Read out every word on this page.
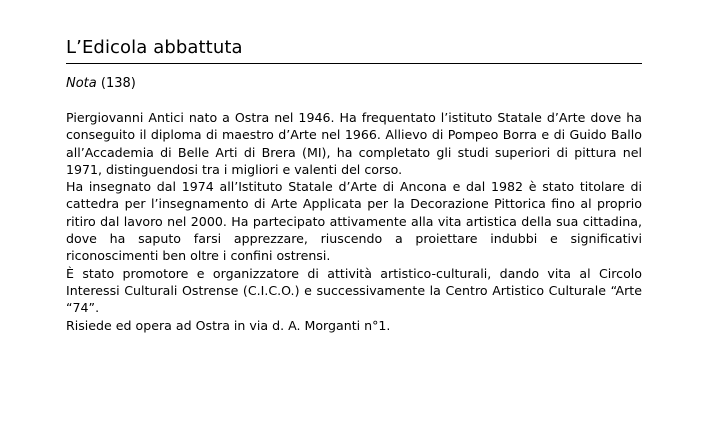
L’Edicola abbattuta
Nota (138)

Piergiovanni Antici nato a Ostra nel 1946. Ha frequentato l’istituto Statale d’Arte dove ha conseguito il diploma di maestro d’Arte nel 1966. Allievo di Pompeo Borra e di Guido Ballo all’Accademia di Belle Arti di Brera (MI), ha completato gli studi superiori di pittura nel 1971, distinguendosi tra i migliori e valenti del corso.

Ha insegnato dal 1974 all’Istituto Statale d’Arte di Ancona e dal 1982 è stato titolare di cattedra per l’insegnamento di Arte Applicata per la Decorazione Pittorica fino al proprio ritiro dal lavoro nel 2000. Ha partecipato attivamente alla vita artistica della sua cittadina, dove ha saputo farsi apprezzare, riuscendo a proiettare indubbi e significativi riconoscimenti ben oltre i confini ostrensi.

È stato promotore e organizzatore di attività artistico-culturali, dando vita al Circolo Interessi Culturali Ostrense (C.I.C.O.) e successivamente la Centro Artistico Culturale “Arte “74”.

Risiede ed opera ad Ostra in via d. A. Morganti n°1.
